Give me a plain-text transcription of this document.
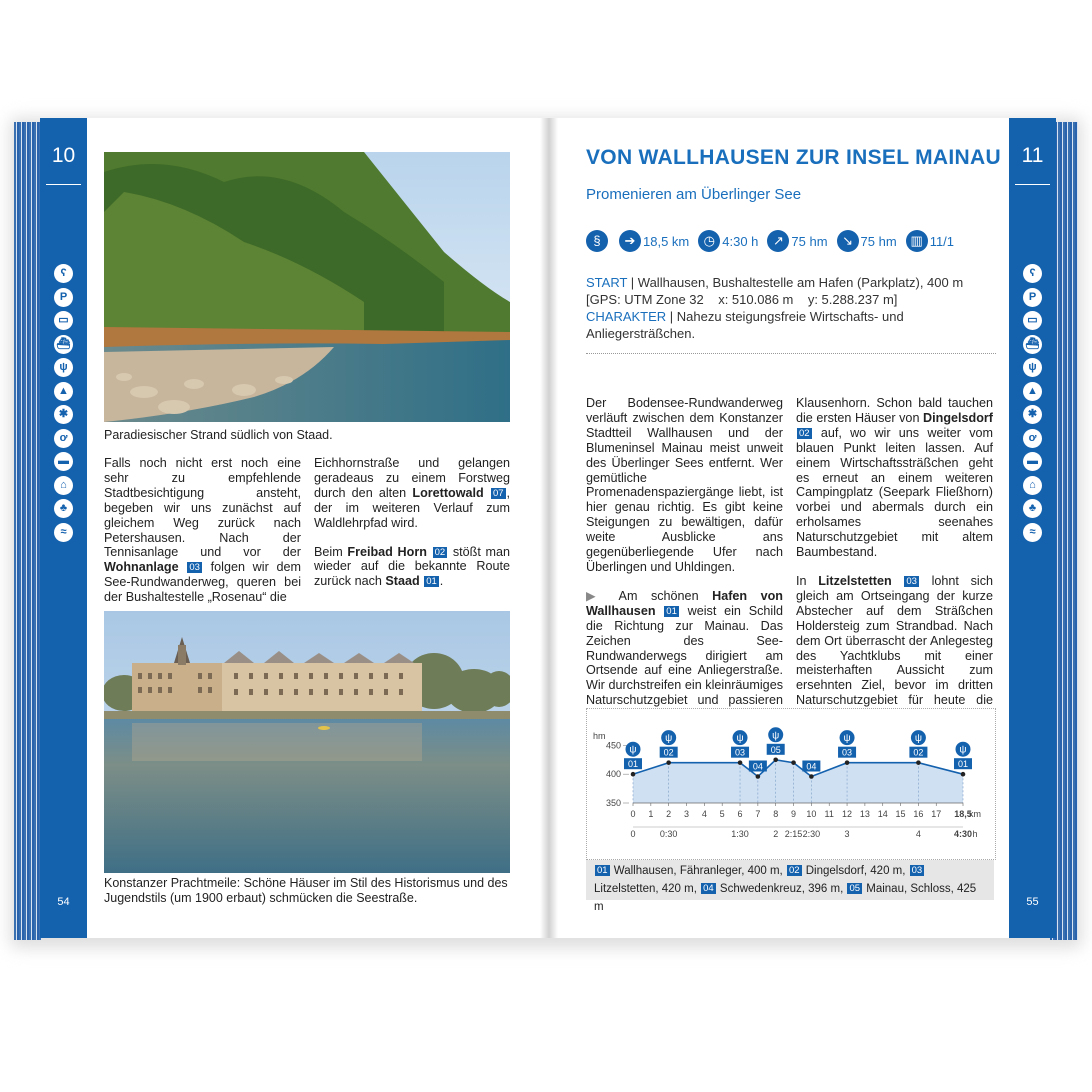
10
ʕ
P
▭
⛴
ψ
▲
✱
ơ
▬
⌂
♣
≈
54
Paradiesischer Strand südlich von Staad.

Falls noch nicht erst noch eine sehr zu empfehlende Stadtbesichtigung ansteht, begeben wir uns zunächst auf gleichem Weg zurück nach Petershausen. Nach der Tennisanlage und vor der Wohnanlage 03 folgen wir dem See-Rundwanderweg, queren bei der Bushaltestelle „Rosenau“ die

Eichhornstraße und gelangen geradeaus zu einem Forstweg durch den alten Lorettowald 07 , der im weiteren Verlauf zum Waldlehrpfad wird.

Beim Freibad Horn 02 stößt man wieder auf die bekannte Route zurück nach Staad 01 .

Konstanzer Prachtmeile: Schöne Häuser im Stil des Historismus und des Jugendstils (um 1900 erbaut) schmücken die Seestraße.
11
ʕ
P
▭
⛴
ψ
▲
✱
ơ
▬
⌂
♣
≈
55
VON WALLHAUSEN ZUR INSEL MAINAU
Promenieren am Überlinger See
§	➔ 18,5 km	◷ 4:30 h	↗ 75 hm	↘ 75 hm	▥ 11/1
START | Wallhausen, Bushaltestelle am Hafen (Parkplatz), 400 m
[GPS: UTM Zone 32    x: 510.086 m    y: 5.288.237 m]
CHARAKTER | Nahezu steigungsfreie Wirtschafts- und Anliegersträßchen.

Der Bodensee-Rundwanderweg verläuft zwischen dem Konstanzer Stadtteil Wallhausen und der Blumeninsel Mainau meist unweit des Überlinger Sees entfernt. Wer gemütliche Promenadenspaziergänge liebt, ist hier genau richtig. Es gibt keine Steigungen zu bewältigen, dafür weite Ausblicke ans gegenüberliegende Ufer nach Überlingen und Uhldingen.

▶ Am schönen Hafen von Wallhausen 01 weist ein Schild die Richtung zur Mainau. Das Zeichen des See-Rundwanderwegs dirigiert am Ortsende auf eine Anliegerstraße. Wir durchstreifen ein kleinräumiges Naturschutzgebiet und passieren

Klausenhorn. Schon bald tauchen die ersten Häuser von Dingelsdorf 02 auf, wo wir uns weiter vom blauen Punkt leiten lassen. Auf einem Wirtschaftssträßchen geht es erneut an einem weiteren Campingplatz (Seepark Fließhorn) vorbei und abermals durch ein erholsames seenahes Naturschutzgebiet mit altem Baumbestand.

In Litzelstetten 03 lohnt sich gleich am Ortseingang der kurze Abstecher auf dem Sträßchen Holdersteig zum Strandbad. Nach dem Ort überrascht der Anlegesteg des Yachtklubs mit einer meisterhaften Aussicht zum ersehnten Ziel, bevor im dritten Naturschutzgebiet für heute die

hm
350
400
450
0 1 2 3 4 5 6 7 8 9 10 11 12 13 14 15 16 17 18,5
km
0	0:30	1:30	2 2:15 2:30	3	4	4:30 h
01
ψ	02
ψ
03
ψ
05
ψ
04	04
03
ψ
02
ψ
01
ψ
01 Wallhausen, Fähranleger, 400 m, 02 Dingelsdorf, 420 m, 03 Litzelstetten, 420 m, 04 Schwedenkreuz, 396 m, 05 Mainau, Schloss, 425 m
